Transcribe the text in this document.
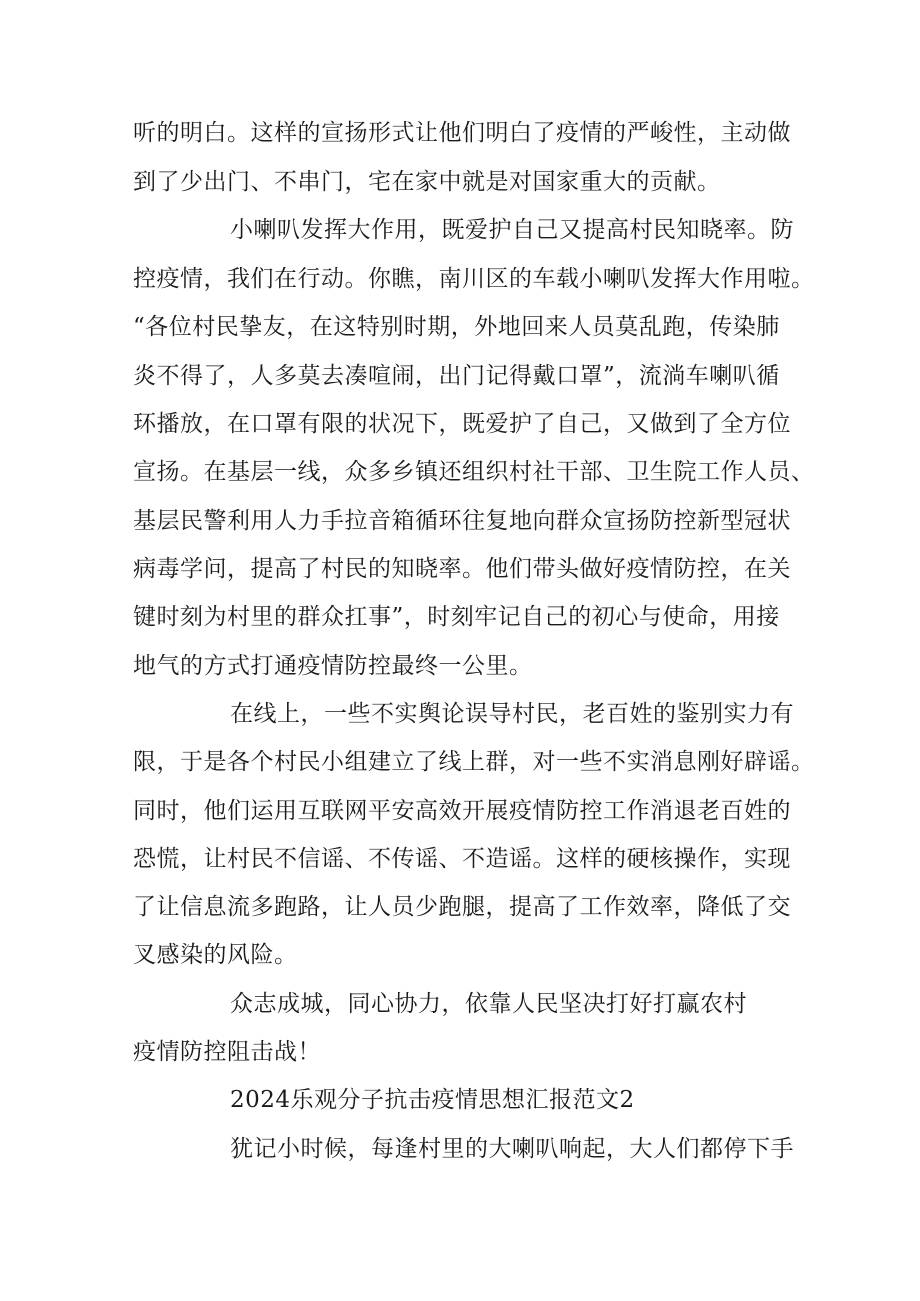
听的明白。这样的宣扬形式让他们明白了疫情的严峻性，主动做
到了少出门、不串门，宅在家中就是对国家重大的贡献。
小喇叭发挥大作用，既爱护自己又提高村民知晓率。防
控疫情，我们在行动。你瞧，南川区的车载小喇叭发挥大作用啦。
“各位村民挚友，在这特别时期，外地回来人员莫乱跑，传染肺
炎不得了，人多莫去凑喧闹，出门记得戴口罩”，流淌车喇叭循
环播放，在口罩有限的状况下，既爱护了自己，又做到了全方位
宣扬。在基层一线，众多乡镇还组织村社干部、卫生院工作人员、
基层民警利用人力手拉音箱循环往复地向群众宣扬防控新型冠状
病毒学问，提高了村民的知晓率。他们带头做好疫情防控，在关
键时刻为村里的群众扛事”，时刻牢记自己的初心与使命，用接
地气的方式打通疫情防控最终一公里。
在线上，一些不实舆论误导村民，老百姓的鉴别实力有
限，于是各个村民小组建立了线上群，对一些不实消息刚好辟谣。
同时，他们运用互联网平安高效开展疫情防控工作消退老百姓的
恐慌，让村民不信谣、不传谣、不造谣。这样的硬核操作，实现
了让信息流多跑路，让人员少跑腿，提高了工作效率，降低了交
叉感染的风险。
众志成城，同心协力，依靠人民坚决打好打赢农村
疫情防控阻击战！
2024乐观分子抗击疫情思想汇报范文2
犹记小时候，每逢村里的大喇叭响起，大人们都停下手
